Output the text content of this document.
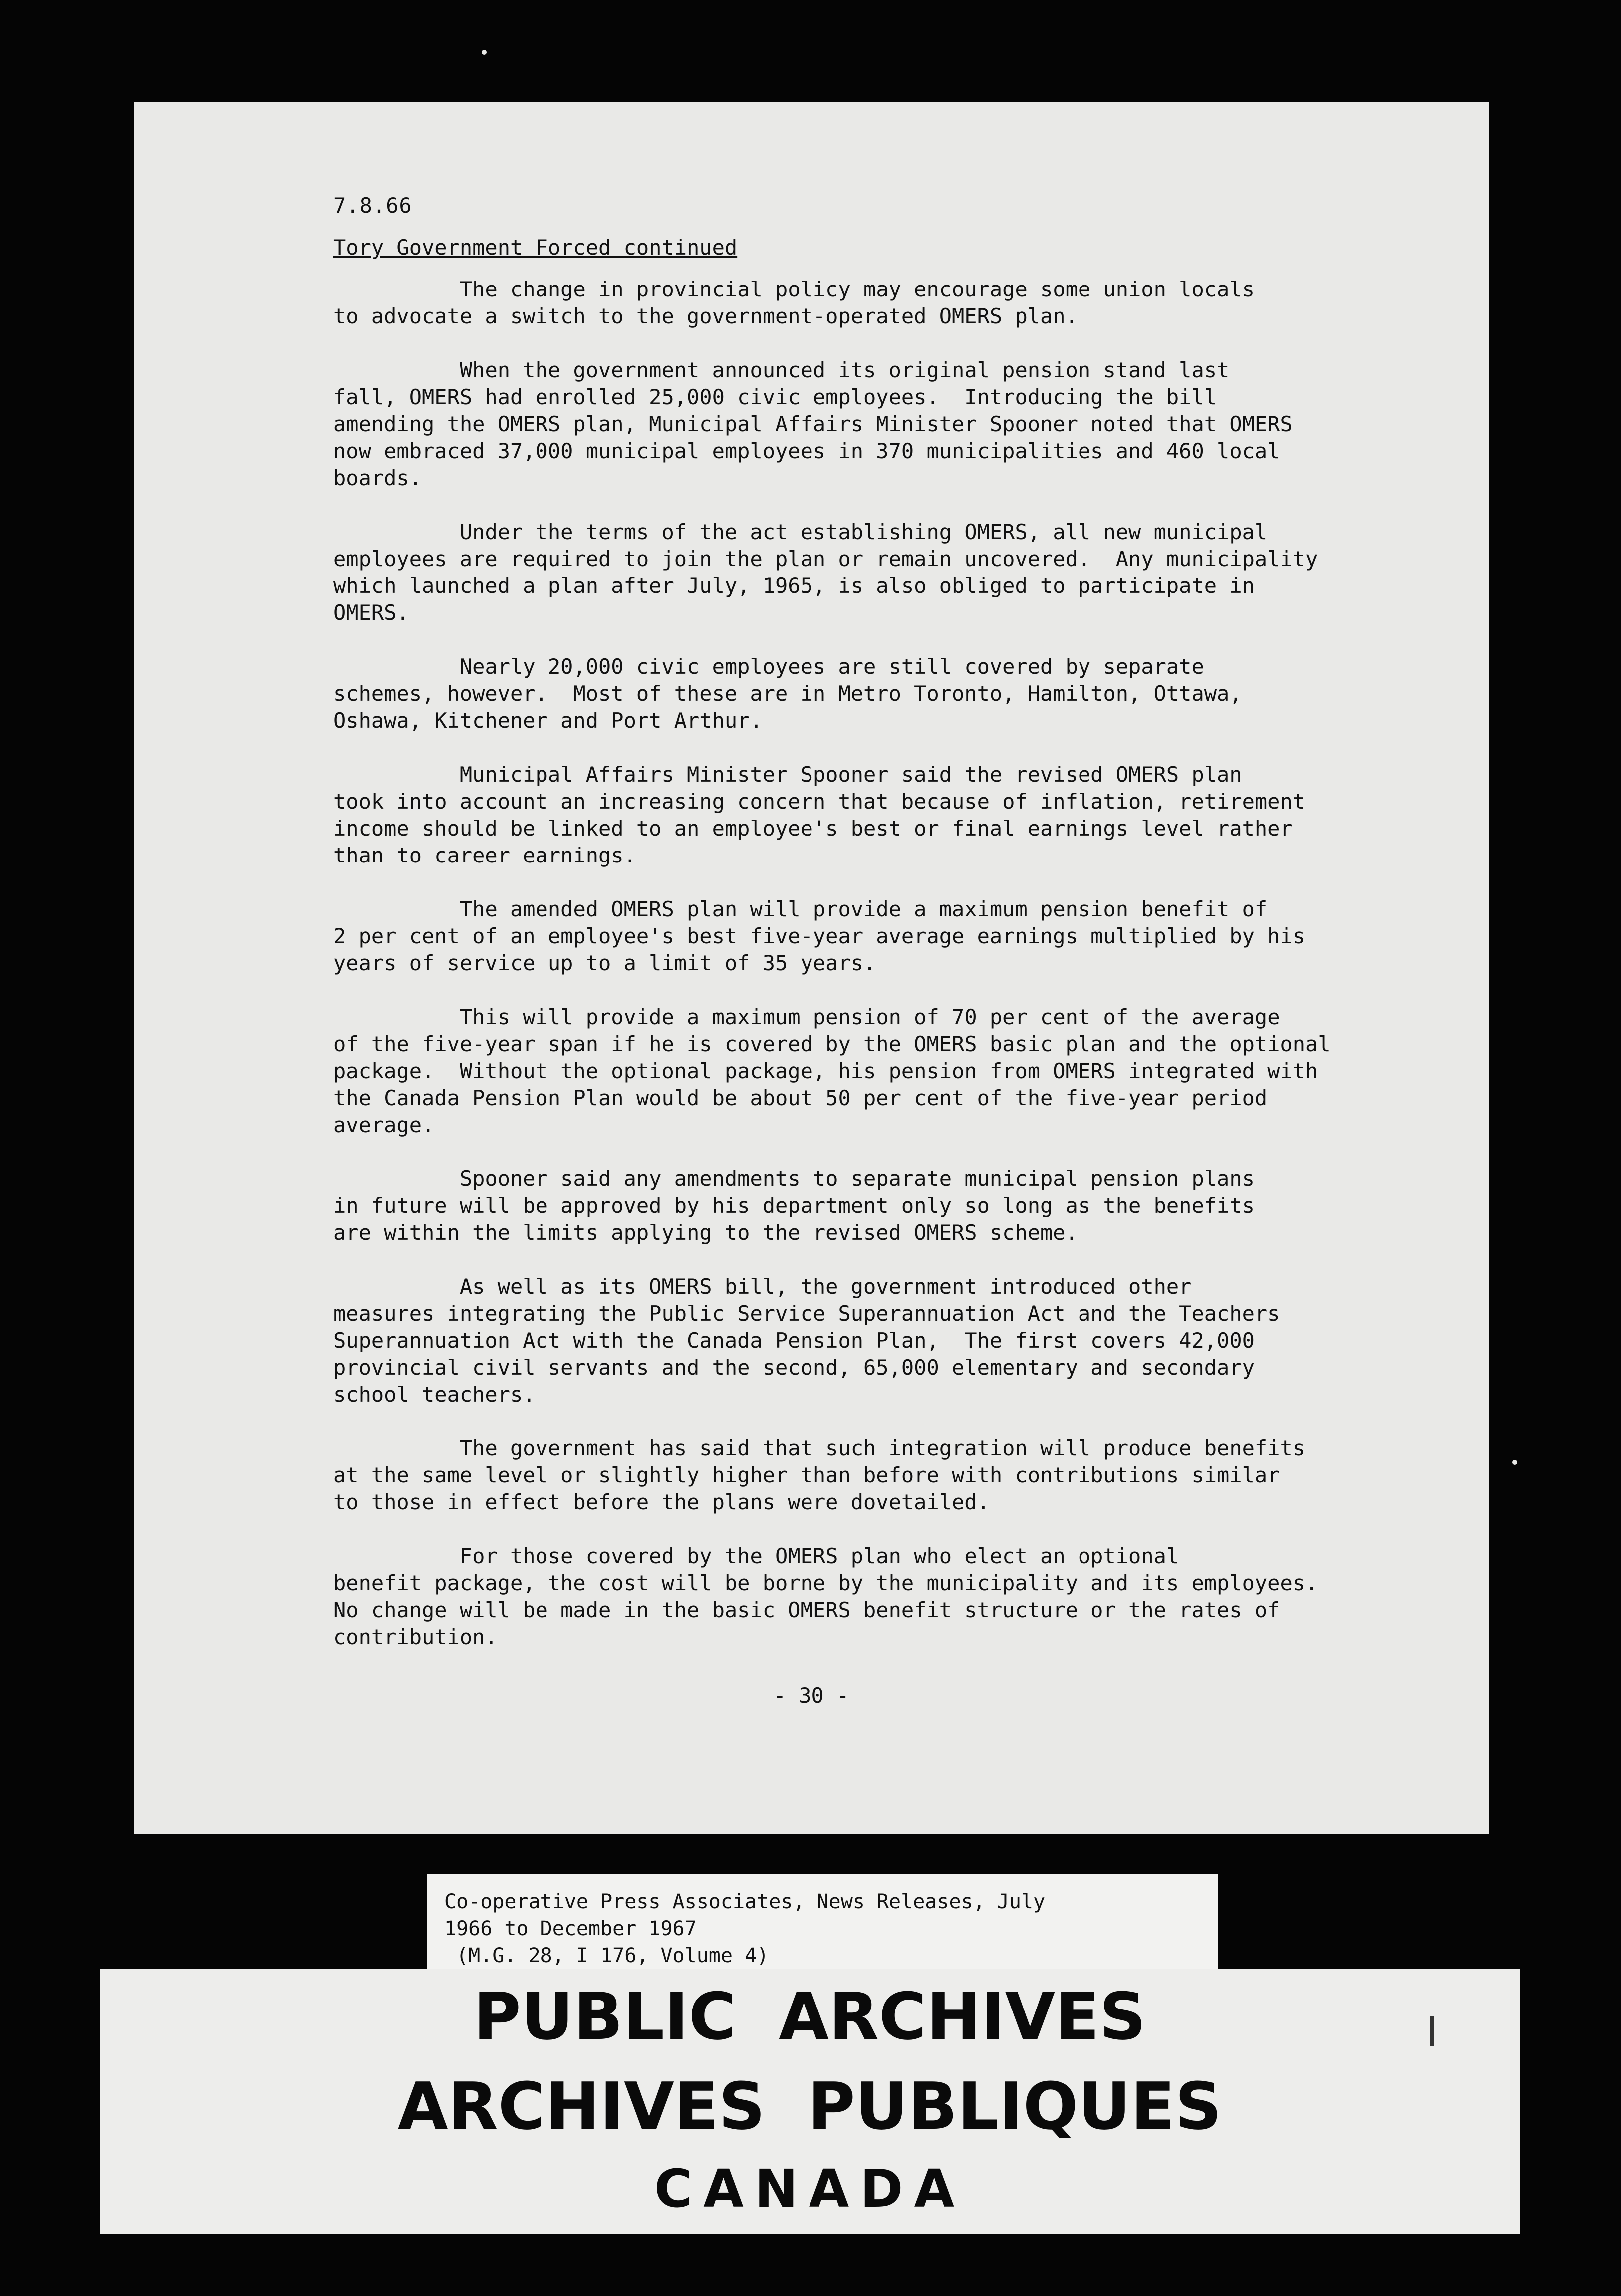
7.8.66
Tory Government Forced continued
The change in provincial policy may encourage some union locals
to advocate a switch to the government-operated OMERS plan.
When the government announced its original pension stand last
fall, OMERS had enrolled 25,000 civic employees.  Introducing the bill
amending the OMERS plan, Municipal Affairs Minister Spooner noted that OMERS
now embraced 37,000 municipal employees in 370 municipalities and 460 local
boards.
Under the terms of the act establishing OMERS, all new municipal
employees are required to join the plan or remain uncovered.  Any municipality
which launched a plan after July, 1965, is also obliged to participate in
OMERS.
Nearly 20,000 civic employees are still covered by separate
schemes, however.  Most of these are in Metro Toronto, Hamilton, Ottawa,
Oshawa, Kitchener and Port Arthur.
Municipal Affairs Minister Spooner said the revised OMERS plan
took into account an increasing concern that because of inflation, retirement
income should be linked to an employee's best or final earnings level rather
than to career earnings.
The amended OMERS plan will provide a maximum pension benefit of
2 per cent of an employee's best five-year average earnings multiplied by his
years of service up to a limit of 35 years.
This will provide a maximum pension of 70 per cent of the average
of the five-year span if he is covered by the OMERS basic plan and the optional
package.  Without the optional package, his pension from OMERS integrated with
the Canada Pension Plan would be about 50 per cent of the five-year period
average.
Spooner said any amendments to separate municipal pension plans
in future will be approved by his department only so long as the benefits
are within the limits applying to the revised OMERS scheme.
As well as its OMERS bill, the government introduced other
measures integrating the Public Service Superannuation Act and the Teachers
Superannuation Act with the Canada Pension Plan,  The first covers 42,000
provincial civil servants and the second, 65,000 elementary and secondary
school teachers.
The government has said that such integration will produce benefits
at the same level or slightly higher than before with contributions similar
to those in effect before the plans were dovetailed.
For those covered by the OMERS plan who elect an optional
benefit package, the cost will be borne by the municipality and its employees.
No change will be made in the basic OMERS benefit structure or the rates of
contribution.
- 30 -
Co-operative Press Associates, News Releases, July
1966 to December 1967
(M.G. 28, I 176, Volume 4)
PUBLIC ARCHIVES
ARCHIVES PUBLIQUES
CANADA
